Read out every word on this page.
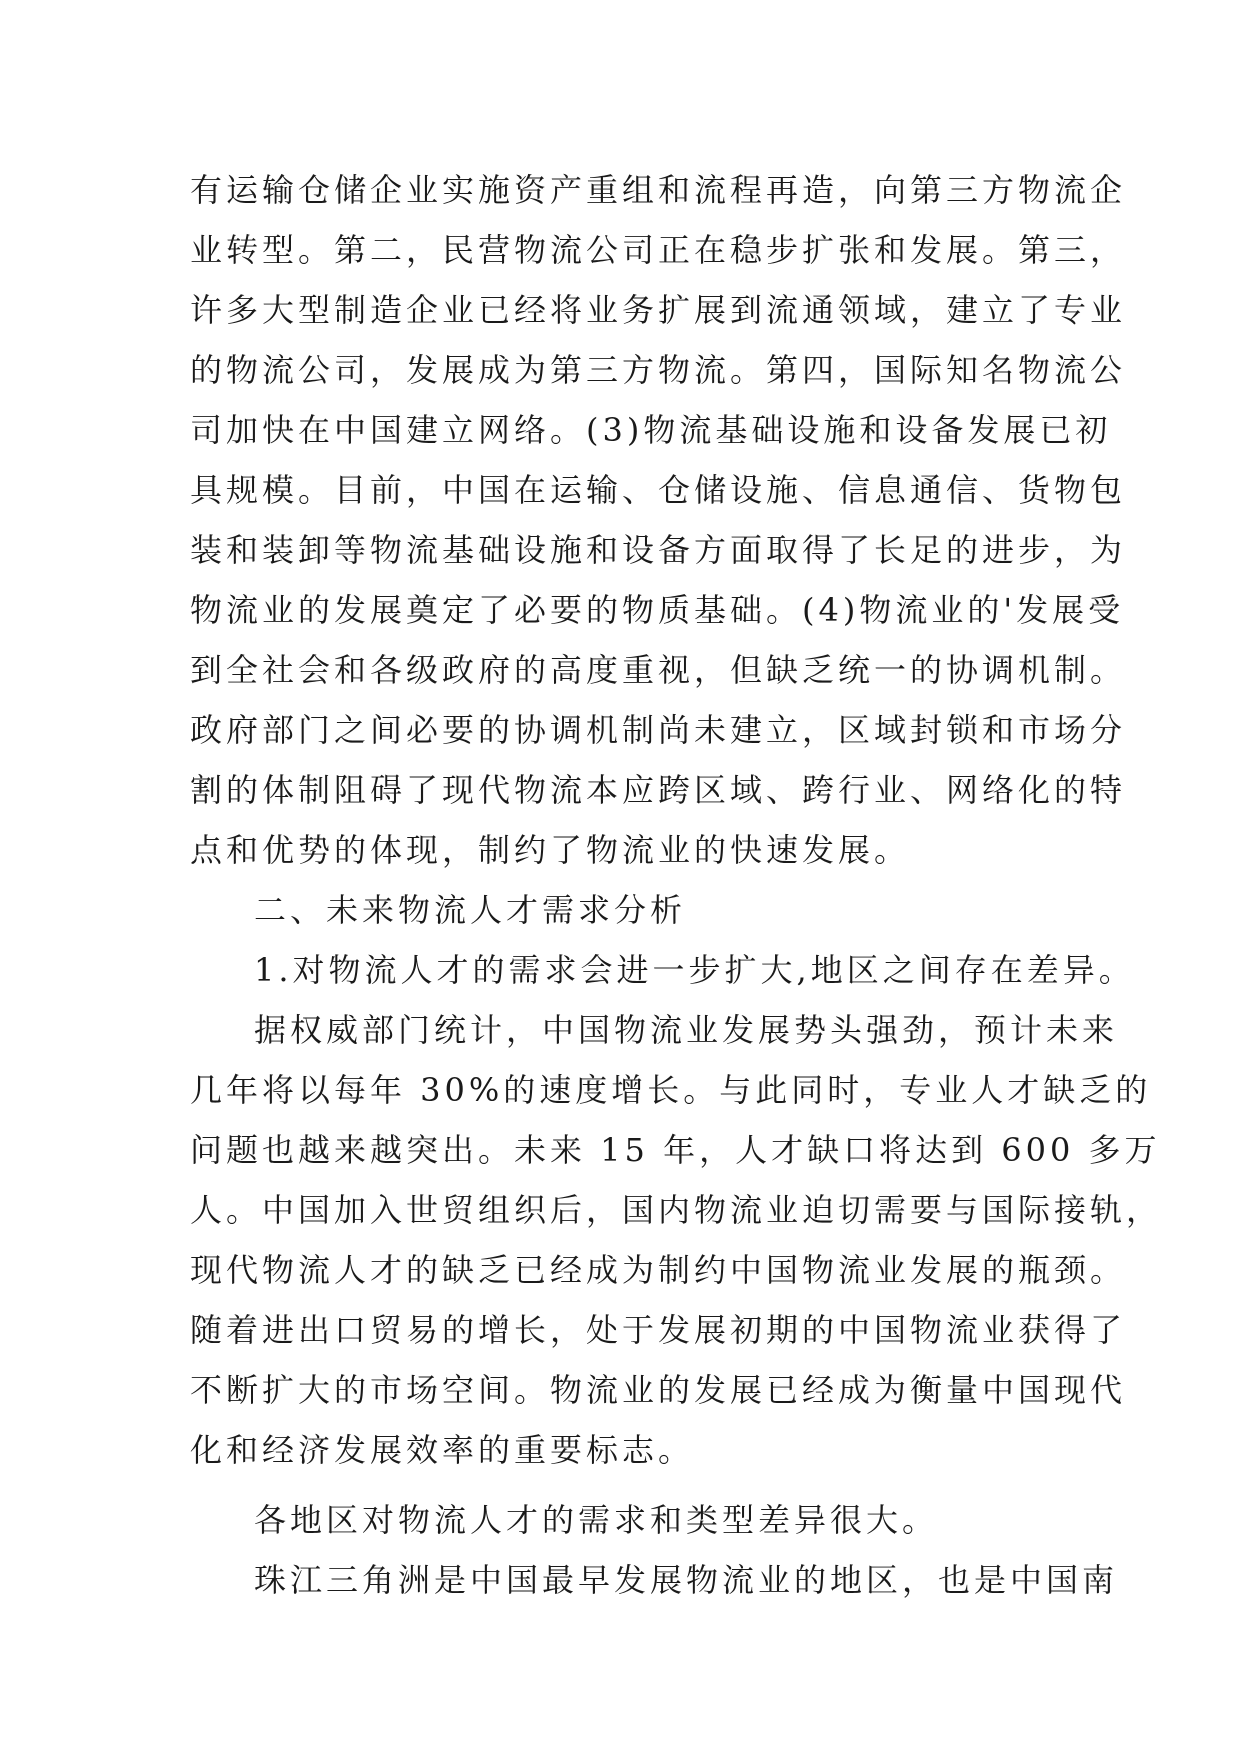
有运输仓储企业实施资产重组和流程再造，向第三方物流企
业转型。第二，民营物流公司正在稳步扩张和发展。第三，
许多大型制造企业已经将业务扩展到流通领域，建立了专业
的物流公司，发展成为第三方物流。第四，国际知名物流公
司加快在中国建立网络。(3)物流基础设施和设备发展已初
具规模。目前，中国在运输、仓储设施、信息通信、货物包
装和装卸等物流基础设施和设备方面取得了长足的进步，为
物流业的发展奠定了必要的物质基础。(4)物流业的'发展受
到全社会和各级政府的高度重视，但缺乏统一的协调机制。
政府部门之间必要的协调机制尚未建立，区域封锁和市场分
割的体制阻碍了现代物流本应跨区域、跨行业、网络化的特
点和优势的体现，制约了物流业的快速发展。
二、未来物流人才需求分析
1.对物流人才的需求会进一步扩大,地区之间存在差异。
据权威部门统计，中国物流业发展势头强劲，预计未来
几年将以每年 30%的速度增长。与此同时，专业人才缺乏的
问题也越来越突出。未来 15 年，人才缺口将达到 600 多万
人。中国加入世贸组织后，国内物流业迫切需要与国际接轨，
现代物流人才的缺乏已经成为制约中国物流业发展的瓶颈。
随着进出口贸易的增长，处于发展初期的中国物流业获得了
不断扩大的市场空间。物流业的发展已经成为衡量中国现代
化和经济发展效率的重要标志。
各地区对物流人才的需求和类型差异很大。
珠江三角洲是中国最早发展物流业的地区，也是中国南
